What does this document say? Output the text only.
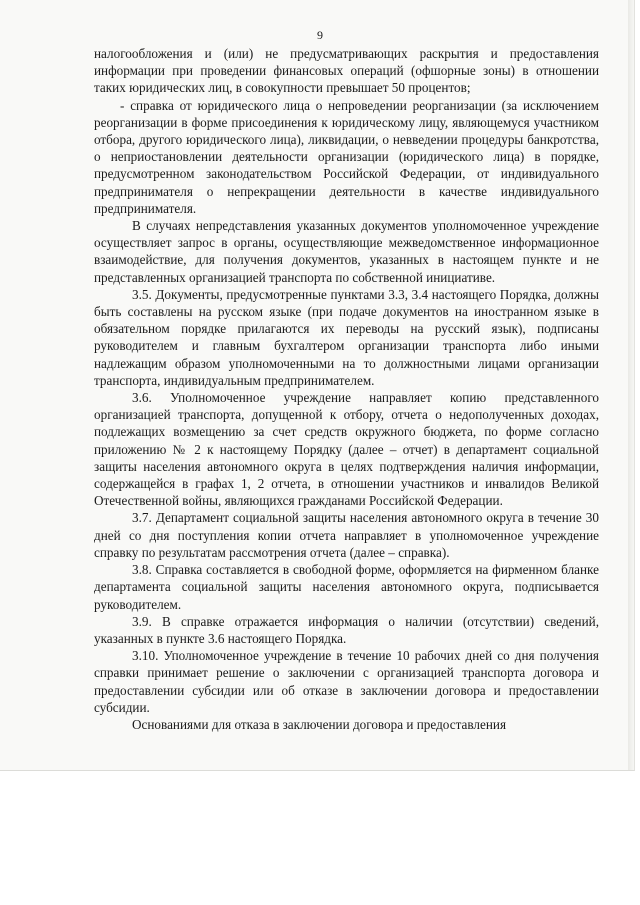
9

налогообложения и (или) не предусматривающих раскрытия и предоставления информации при проведении финансовых операций (офшорные зоны) в отношении таких юридических лиц, в совокупности превышает 50 процентов;

- справка от юридического лица о непроведении реорганизации (за исключением реорганизации в форме присоединения к юридическому лицу, являющемуся участником отбора, другого юридического лица), ликвидации, о невведении процедуры банкротства, о неприостановлении деятельности организации (юридического лица) в порядке, предусмотренном законодательством Российской Федерации, от индивидуального предпринимателя о непрекращении деятельности в качестве индивидуального предпринимателя.

В случаях непредставления указанных документов уполномоченное учреждение осуществляет запрос в органы, осуществляющие межведомственное информационное взаимодействие, для получения документов, указанных в настоящем пункте и не представленных организацией транспорта по собственной инициативе.

3.5. Документы, предусмотренные пунктами 3.3, 3.4 настоящего Порядка, должны быть составлены на русском языке (при подаче документов на иностранном языке в обязательном порядке прилагаются их переводы на русский язык), подписаны руководителем и главным бухгалтером организации транспорта либо иными надлежащим образом уполномоченными на то должностными лицами организации транспорта, индивидуальным предпринимателем.

3.6. Уполномоченное учреждение направляет копию представленного организацией транспорта, допущенной к отбору, отчета о недополученных доходах, подлежащих возмещению за счет средств окружного бюджета, по форме согласно приложению № 2 к настоящему Порядку (далее – отчет) в департамент социальной защиты населения автономного округа в целях подтверждения наличия информации, содержащейся в графах 1, 2 отчета, в отношении участников и инвалидов Великой Отечественной войны, являющихся гражданами Российской Федерации.

3.7. Департамент социальной защиты населения автономного округа в течение 30 дней со дня поступления копии отчета направляет в уполномоченное учреждение справку по результатам рассмотрения отчета (далее – справка).

3.8. Справка составляется в свободной форме, оформляется на фирменном бланке департамента социальной защиты населения автономного округа, подписывается руководителем.

3.9. В справке отражается информация о наличии (отсутствии) сведений, указанных в пункте 3.6 настоящего Порядка.

3.10. Уполномоченное учреждение в течение 10 рабочих дней со дня получения справки принимает решение о заключении с организацией транспорта договора и предоставлении субсидии или об отказе в заключении договора и предоставлении субсидии.

Основаниями для отказа в заключении договора и предоставления
